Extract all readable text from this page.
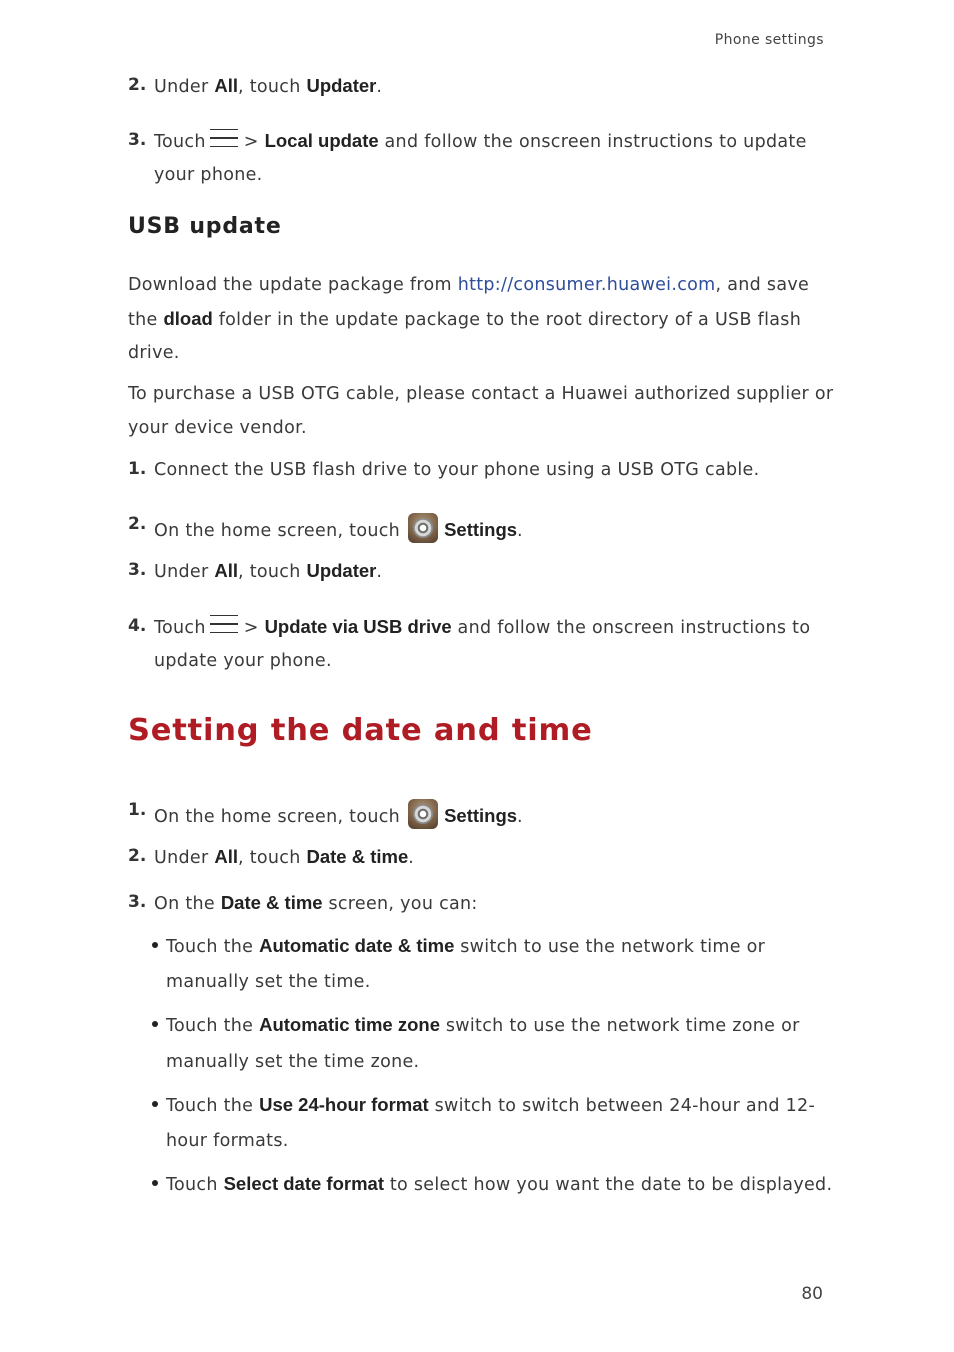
Phone settings
2. Under All, touch Updater.
3. Touch > Local update and follow the onscreen instructions to update
your phone.
USB update
Download the update package from http://consumer.huawei.com, and save
the dload folder in the update package to the root directory of a USB flash
drive.
To purchase a USB OTG cable, please contact a Huawei authorized supplier or
your device vendor.
1. Connect the USB flash drive to your phone using a USB OTG cable.
2. On the home screen, touch Settings.
3. Under All, touch Updater.
4. Touch > Update via USB drive and follow the onscreen instructions to
update your phone.
Setting the date and time
1. On the home screen, touch Settings.
2. Under All, touch Date & time.
3. On the Date & time screen, you can:
Touch the Automatic date & time switch to use the network time or
manually set the time.
Touch the Automatic time zone switch to use the network time zone or
manually set the time zone.
Touch the Use 24-hour format switch to switch between 24-hour and 12-
hour formats.
Touch Select date format to select how you want the date to be displayed.
80
